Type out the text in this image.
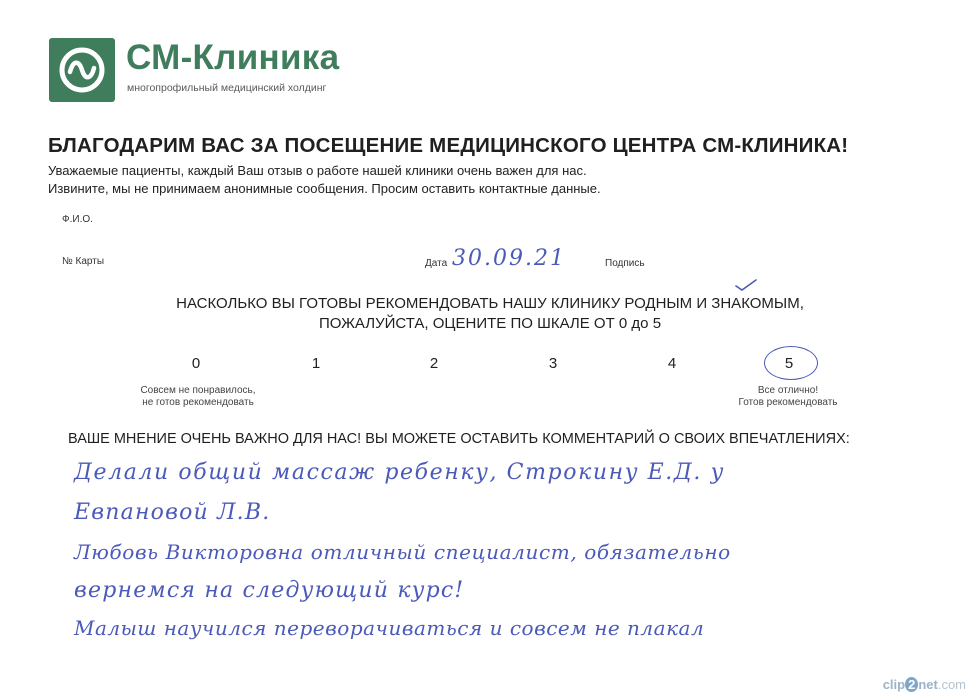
СМ-Клиника
многопрофильный медицинский холдинг
БЛАГОДАРИМ ВАС ЗА ПОСЕЩЕНИЕ МЕДИЦИНСКОГО ЦЕНТРА СМ-КЛИНИКА!
Уважаемые пациенты, каждый Ваш отзыв о работе нашей клиники очень важен для нас.
Извините, мы не принимаем анонимные сообщения. Просим оставить контактные данные.
Ф.И.О.
№ Карты	Дата 30.09.21	Подпись
НАСКОЛЬКО ВЫ ГОТОВЫ РЕКОМЕНДОВАТЬ НАШУ КЛИНИКУ РОДНЫМ И ЗНАКОМЫМ,
ПОЖАЛУЙСТА, ОЦЕНИТЕ ПО ШКАЛЕ ОТ 0 до 5
0	1	2	3	4	5
Совсем не понравилось,
не готов рекомендовать
Все отлично!
Готов рекомендовать
ВАШЕ МНЕНИЕ ОЧЕНЬ ВАЖНО ДЛЯ НАС! ВЫ МОЖЕТЕ ОСТАВИТЬ КОММЕНТАРИЙ О СВОИХ ВПЕЧАТЛЕНИЯХ:
Делали общий массаж ребенку, Строкину Е.Д. у
Евпановой Л.В.
Любовь Викторовна отличный специалист, обязательно
вернемся на следующий курс!
Малыш научился переворачиваться и совсем не плакал
clip 2 net.com
